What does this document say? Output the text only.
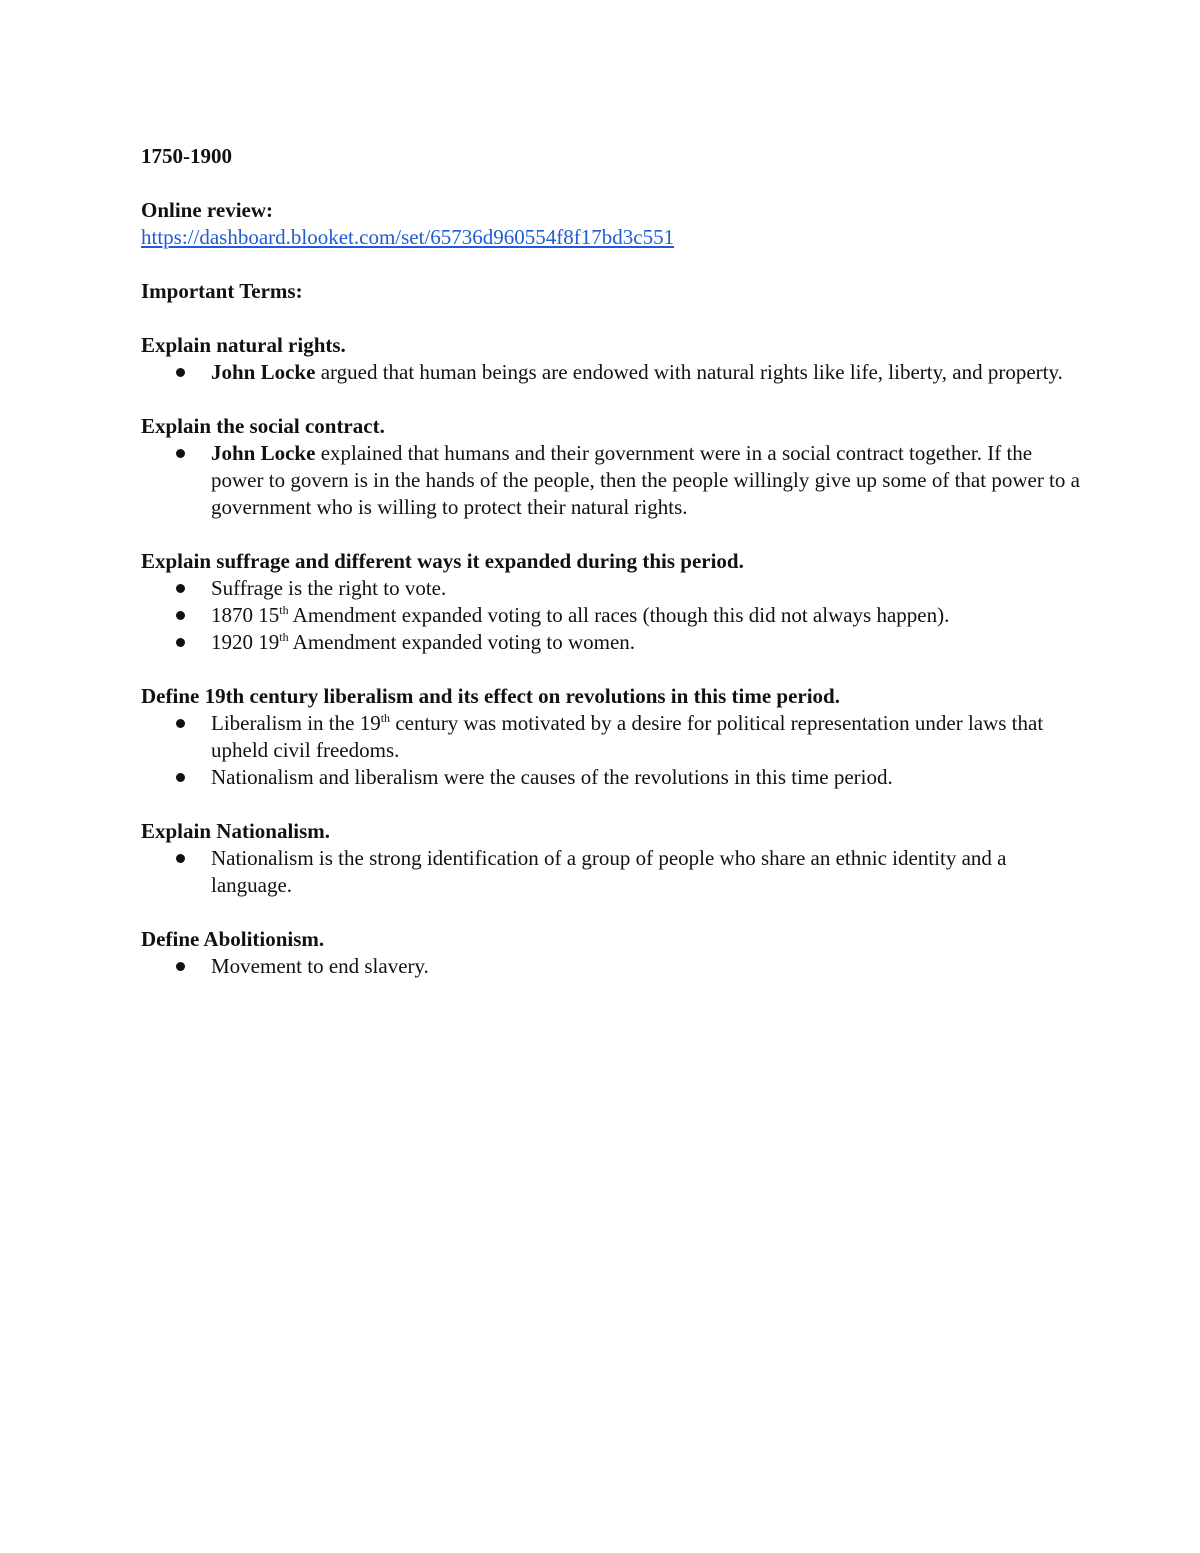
1750-1900

Online review:

https://dashboard.blooket.com/set/65736d960554f8f17bd3c551

Important Terms:

Explain natural rights.

John Locke argued that human beings are endowed with natural rights like life, liberty, and property.

Explain the social contract.

John Locke explained that humans and their government were in a social contract together. If the power to govern is in the hands of the people, then the people willingly give up some of that power to a government who is willing to protect their natural rights.

Explain suffrage and different ways it expanded during this period.

Suffrage is the right to vote.
1870 15th Amendment expanded voting to all races (though this did not always happen).
1920 19th Amendment expanded voting to women.

Define 19th century liberalism and its effect on revolutions in this time period.

Liberalism in the 19th century was motivated by a desire for political representation under laws that upheld civil freedoms.
Nationalism and liberalism were the causes of the revolutions in this time period.

Explain Nationalism.

Nationalism is the strong identification of a group of people who share an ethnic identity and a language.

Define Abolitionism.

Movement to end slavery.
